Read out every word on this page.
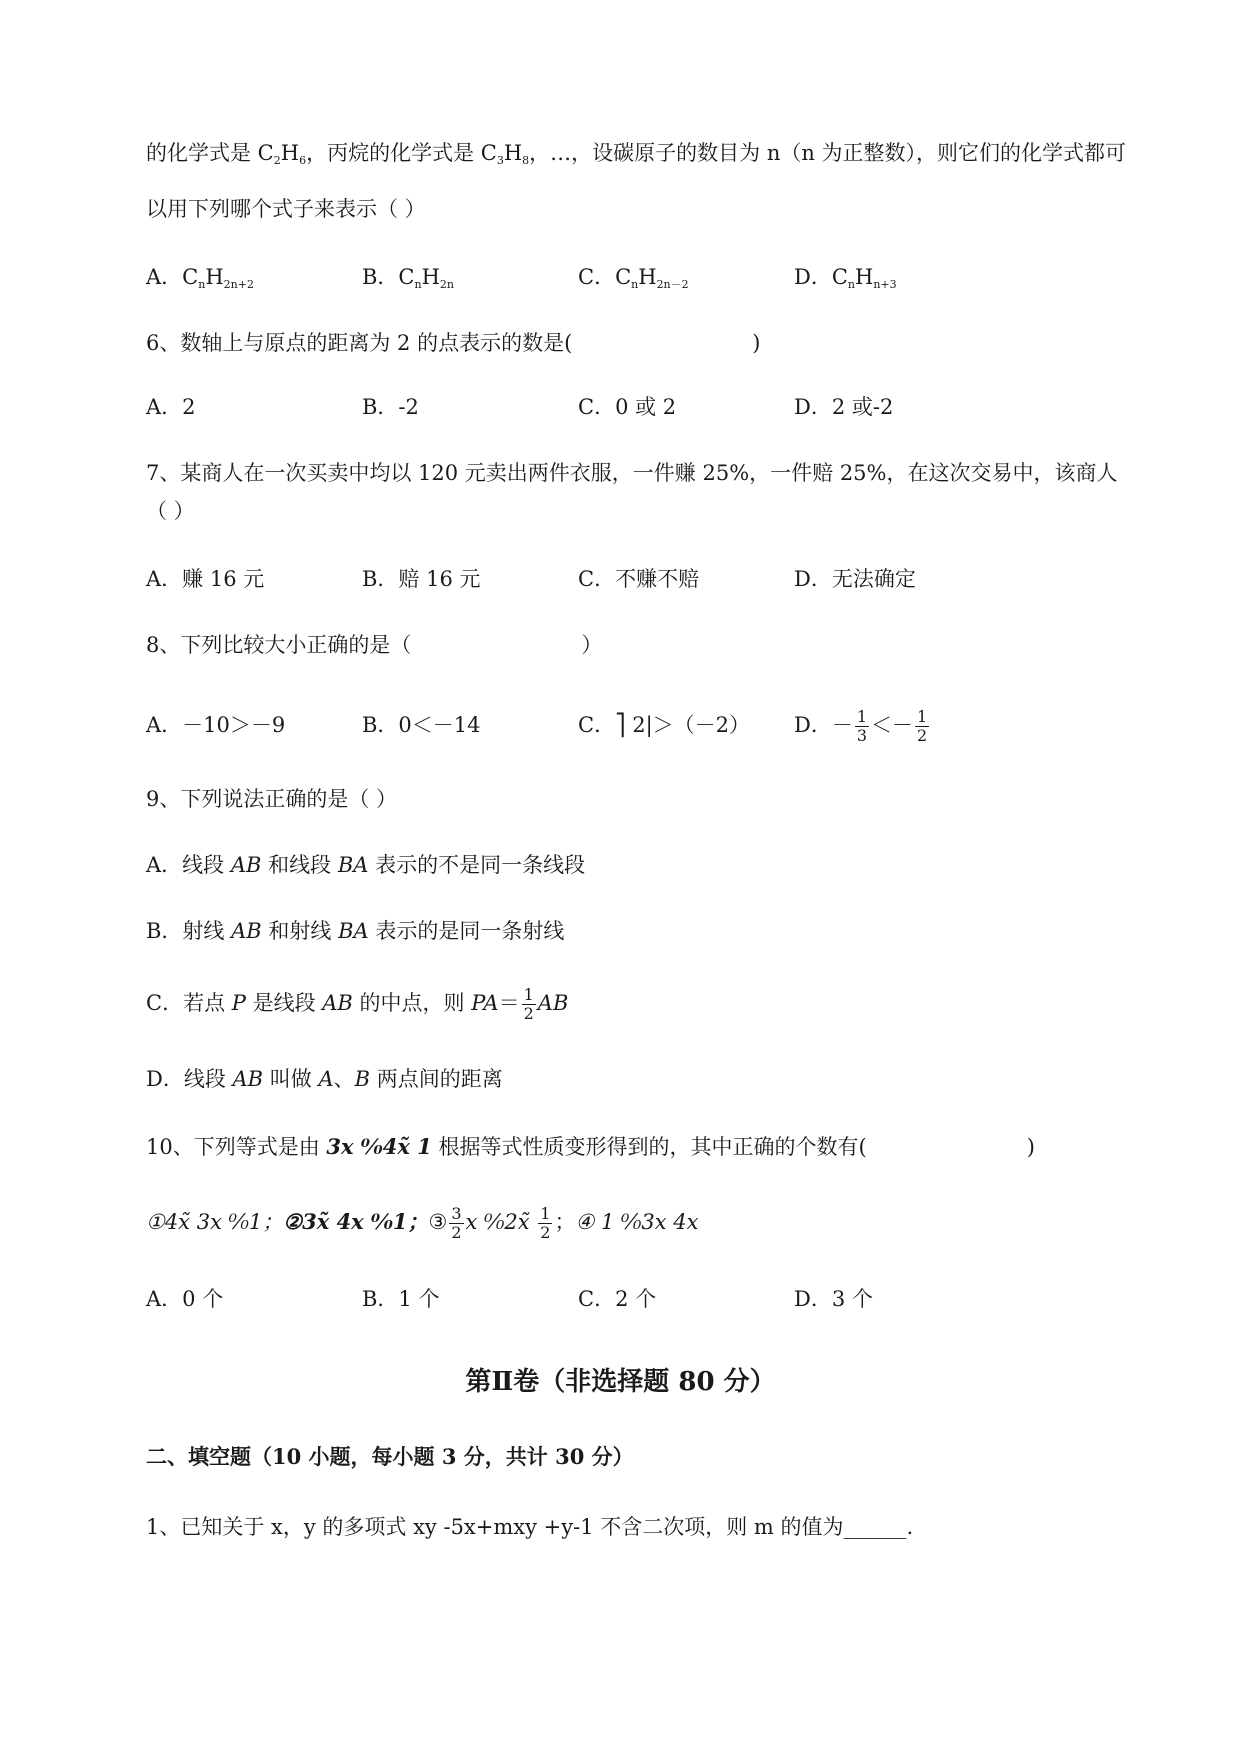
的化学式是 $C_2H_6$，丙烷的化学式是 $C_3H_8$，…，设碳原子的数目为 n（n 为正整数），则它们的化学式都可
以用下列哪个式子来表示（ ）
A．$C_nH_{2n+2}$	B．$C_nH_{2n}$	C．$C_nH_{2n-2}$	D．$C_nH_{n+3}$
6、数轴上与原点的距离为 2 的点表示的数是(	)
A．2	B．-2	C．0 或 2	D．2 或-2
7、某商人在一次买卖中均以 120 元卖出两件衣服，一件赚 25%，一件赔 25%，在这次交易中，该商人
（ ）
A．赚 16 元	B．赔 16 元	C．不赚不赔	D．无法确定
8、下列比较大小正确的是（	）
A．－10＞－9	B．0＜－14	C．⎤ 2|＞（－2） D．－ $\frac{1}{3} <- \frac{1}{2}$
9、下列说法正确的是（ ）
A．线段 AB 和线段 BA 表示的不是同一条线段
B．射线 AB 和射线 BA 表示的是同一条射线
C．若点 P 是线段 AB 的中点，则 $PA= \frac{1}{2}$ AB
D．线段 AB 叫做 A、B 两点间的距离
10、下列等式是由 3x ⁰⁄₀4x̃ 1 根据等式性质变形得到的，其中正确的个数有(	)
①4x̃ 3x ⁰⁄₀1；②3x̃ 4x ⁰⁄₀1；③ $\frac{3}{2}$ x ⁰⁄₀2x̃ $\frac{1}{2}$ ；④ 1 ⁰⁄₀3x 4x
A．0 个	B．1 个	C．2 个	D．3 个
第Ⅱ卷（非选择题 80 分）
二、填空题（10 小题，每小题 3 分，共计 30 分）
1、已知关于 x，y 的多项式 xy -5x+mxy +y-1 不含二次项，则 m 的值为______.
